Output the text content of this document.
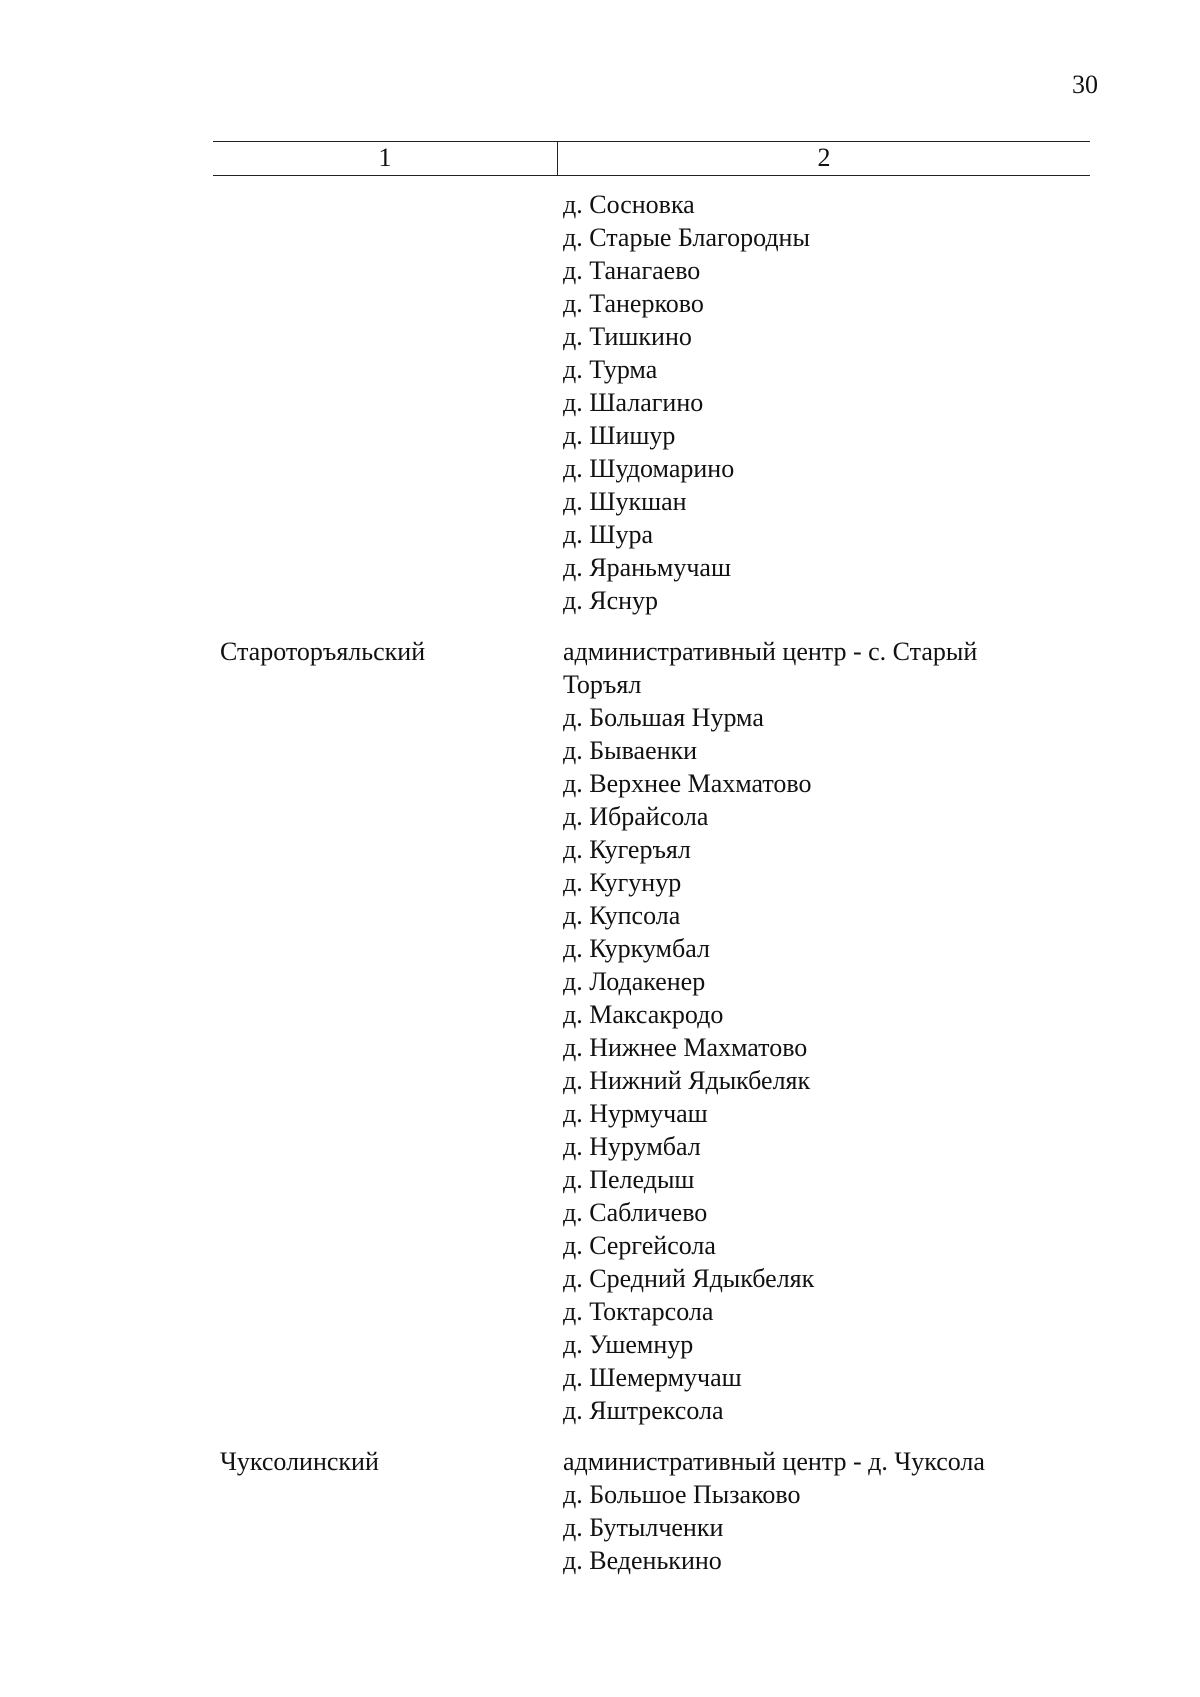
30
1	2
д. Сосновка
д. Старые Благородны
д. Танагаево
д. Танерково
д. Тишкино
д. Турма
д. Шалагино
д. Шишур
д. Шудомарино
д. Шукшан
д. Шура
д. Яраньмучаш
д. Яснур
Староторъяльский	административный центр - с. Старый Торъял
д. Большая Нурма
д. Бываенки
д. Верхнее Махматово
д. Ибрайсола
д. Кугеръял
д. Кугунур
д. Купсола
д. Куркумбал
д. Лодакенер
д. Максакродо
д. Нижнее Махматово
д. Нижний Ядыкбеляк
д. Нурмучаш
д. Нурумбал
д. Пеледыш
д. Сабличево
д. Сергейсола
д. Средний Ядыкбеляк
д. Токтарсола
д. Ушемнур
д. Шемермучаш
д. Яштрексола
Чуксолинский	административный центр - д. Чуксола
д. Большое Пызаково
д. Бутылченки
д. Веденькино
